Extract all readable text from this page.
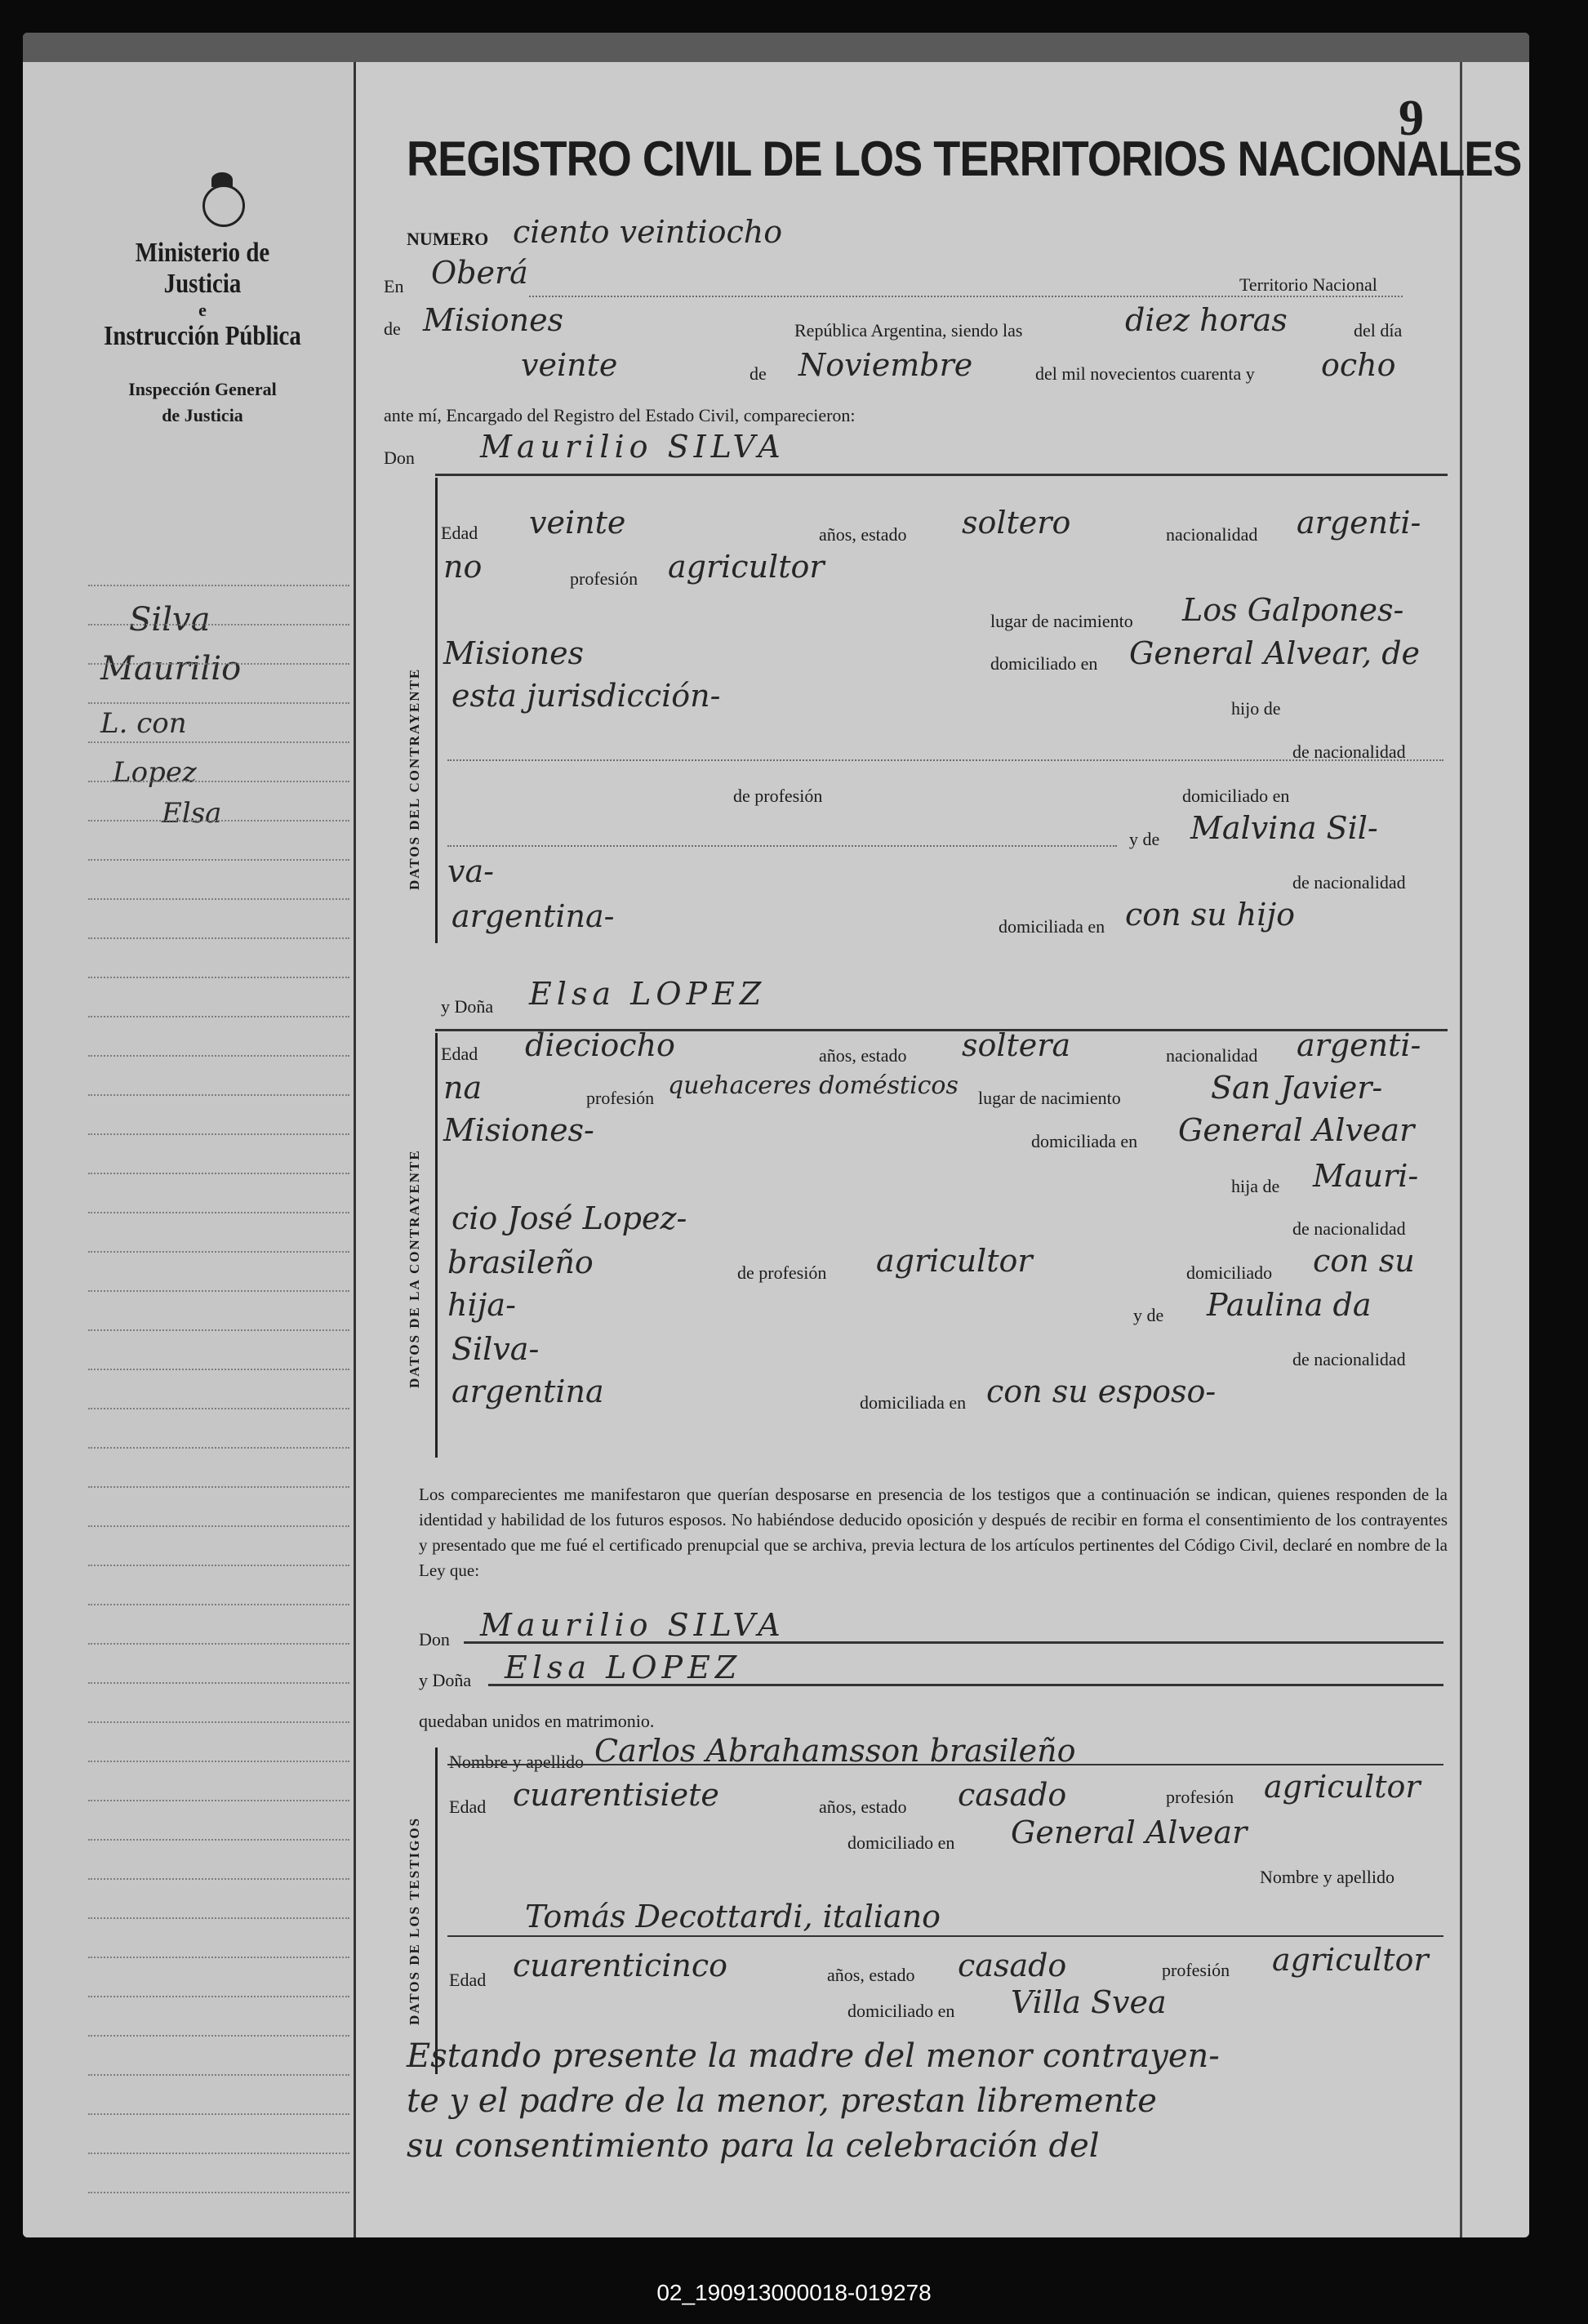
Ministerio de Justicia
e
Instrucción Pública
Inspección General
de Justicia
Silva
Maurilio
L. con
Lopez
Elsa
9
REGISTRO CIVIL DE LOS TERRITORIOS NACIONALES
NUMERO ciento veintiocho
En Oberá	Territorio Nacional
de Misiones	República Argentina, siendo las	diez horas	del día
veinte	de Noviembre	del mil novecientos cuarenta y ocho
ante mí, Encargado del Registro del Estado Civil, comparecieron:
Don Maurilio SILVA
DATOS DEL CONTRAYENTE
Edad veinte	años, estado soltero	nacionalidad argenti-
no	profesión agricultor
lugar de nacimiento Los Galpones-
Misiones	domiciliado en General Alvear, de
esta jurisdicción-	hijo de
de nacionalidad
de profesión	domiciliado en
y de Malvina Sil-
va-	de nacionalidad
argentina-	domiciliada en con su hijo
y Doña Elsa LOPEZ
DATOS DE LA CONTRAYENTE
Edad dieciocho	años, estado soltera	nacionalidad argenti-
na	profesión quehaceres domésticos lugar de nacimiento	San Javier-
Misiones-	domiciliada en General Alvear
hija de Mauri-
cio José Lopez-	de nacionalidad
brasileño	de profesión agricultor	domiciliado con su
hija-	y de Paulina da
Silva-	de nacionalidad
argentina	domiciliada en con su esposo-
Los comparecientes me manifestaron que querían desposarse en presencia de los testigos que a continuación se indican, quienes responden de la identidad y habilidad de los futuros esposos. No habiéndose deducido oposición y después de recibir en forma el consentimiento de los contrayentes y presentado que me fué el certificado prenupcial que se archiva, previa lectura de los artículos pertinentes del Código Civil, declaré en nombre de la Ley que:
Don Maurilio SILVA
y Doña Elsa LOPEZ
quedaban unidos en matrimonio.
DATOS DE LOS TESTIGOS
Nombre y apellido Carlos Abrahamsson brasileño
Edad cuarentisiete	años, estado casado	profesión agricultor
domiciliado en General Alvear
Nombre y apellido
Tomás Decottardi, italiano
Edad cuarenticinco	años, estado casado	profesión agricultor
domiciliado en Villa Svea
Estando presente la madre del menor contrayen-
te y el padre de la menor, prestan libremente
su consentimiento para la celebración del
02_190913000018-019278
